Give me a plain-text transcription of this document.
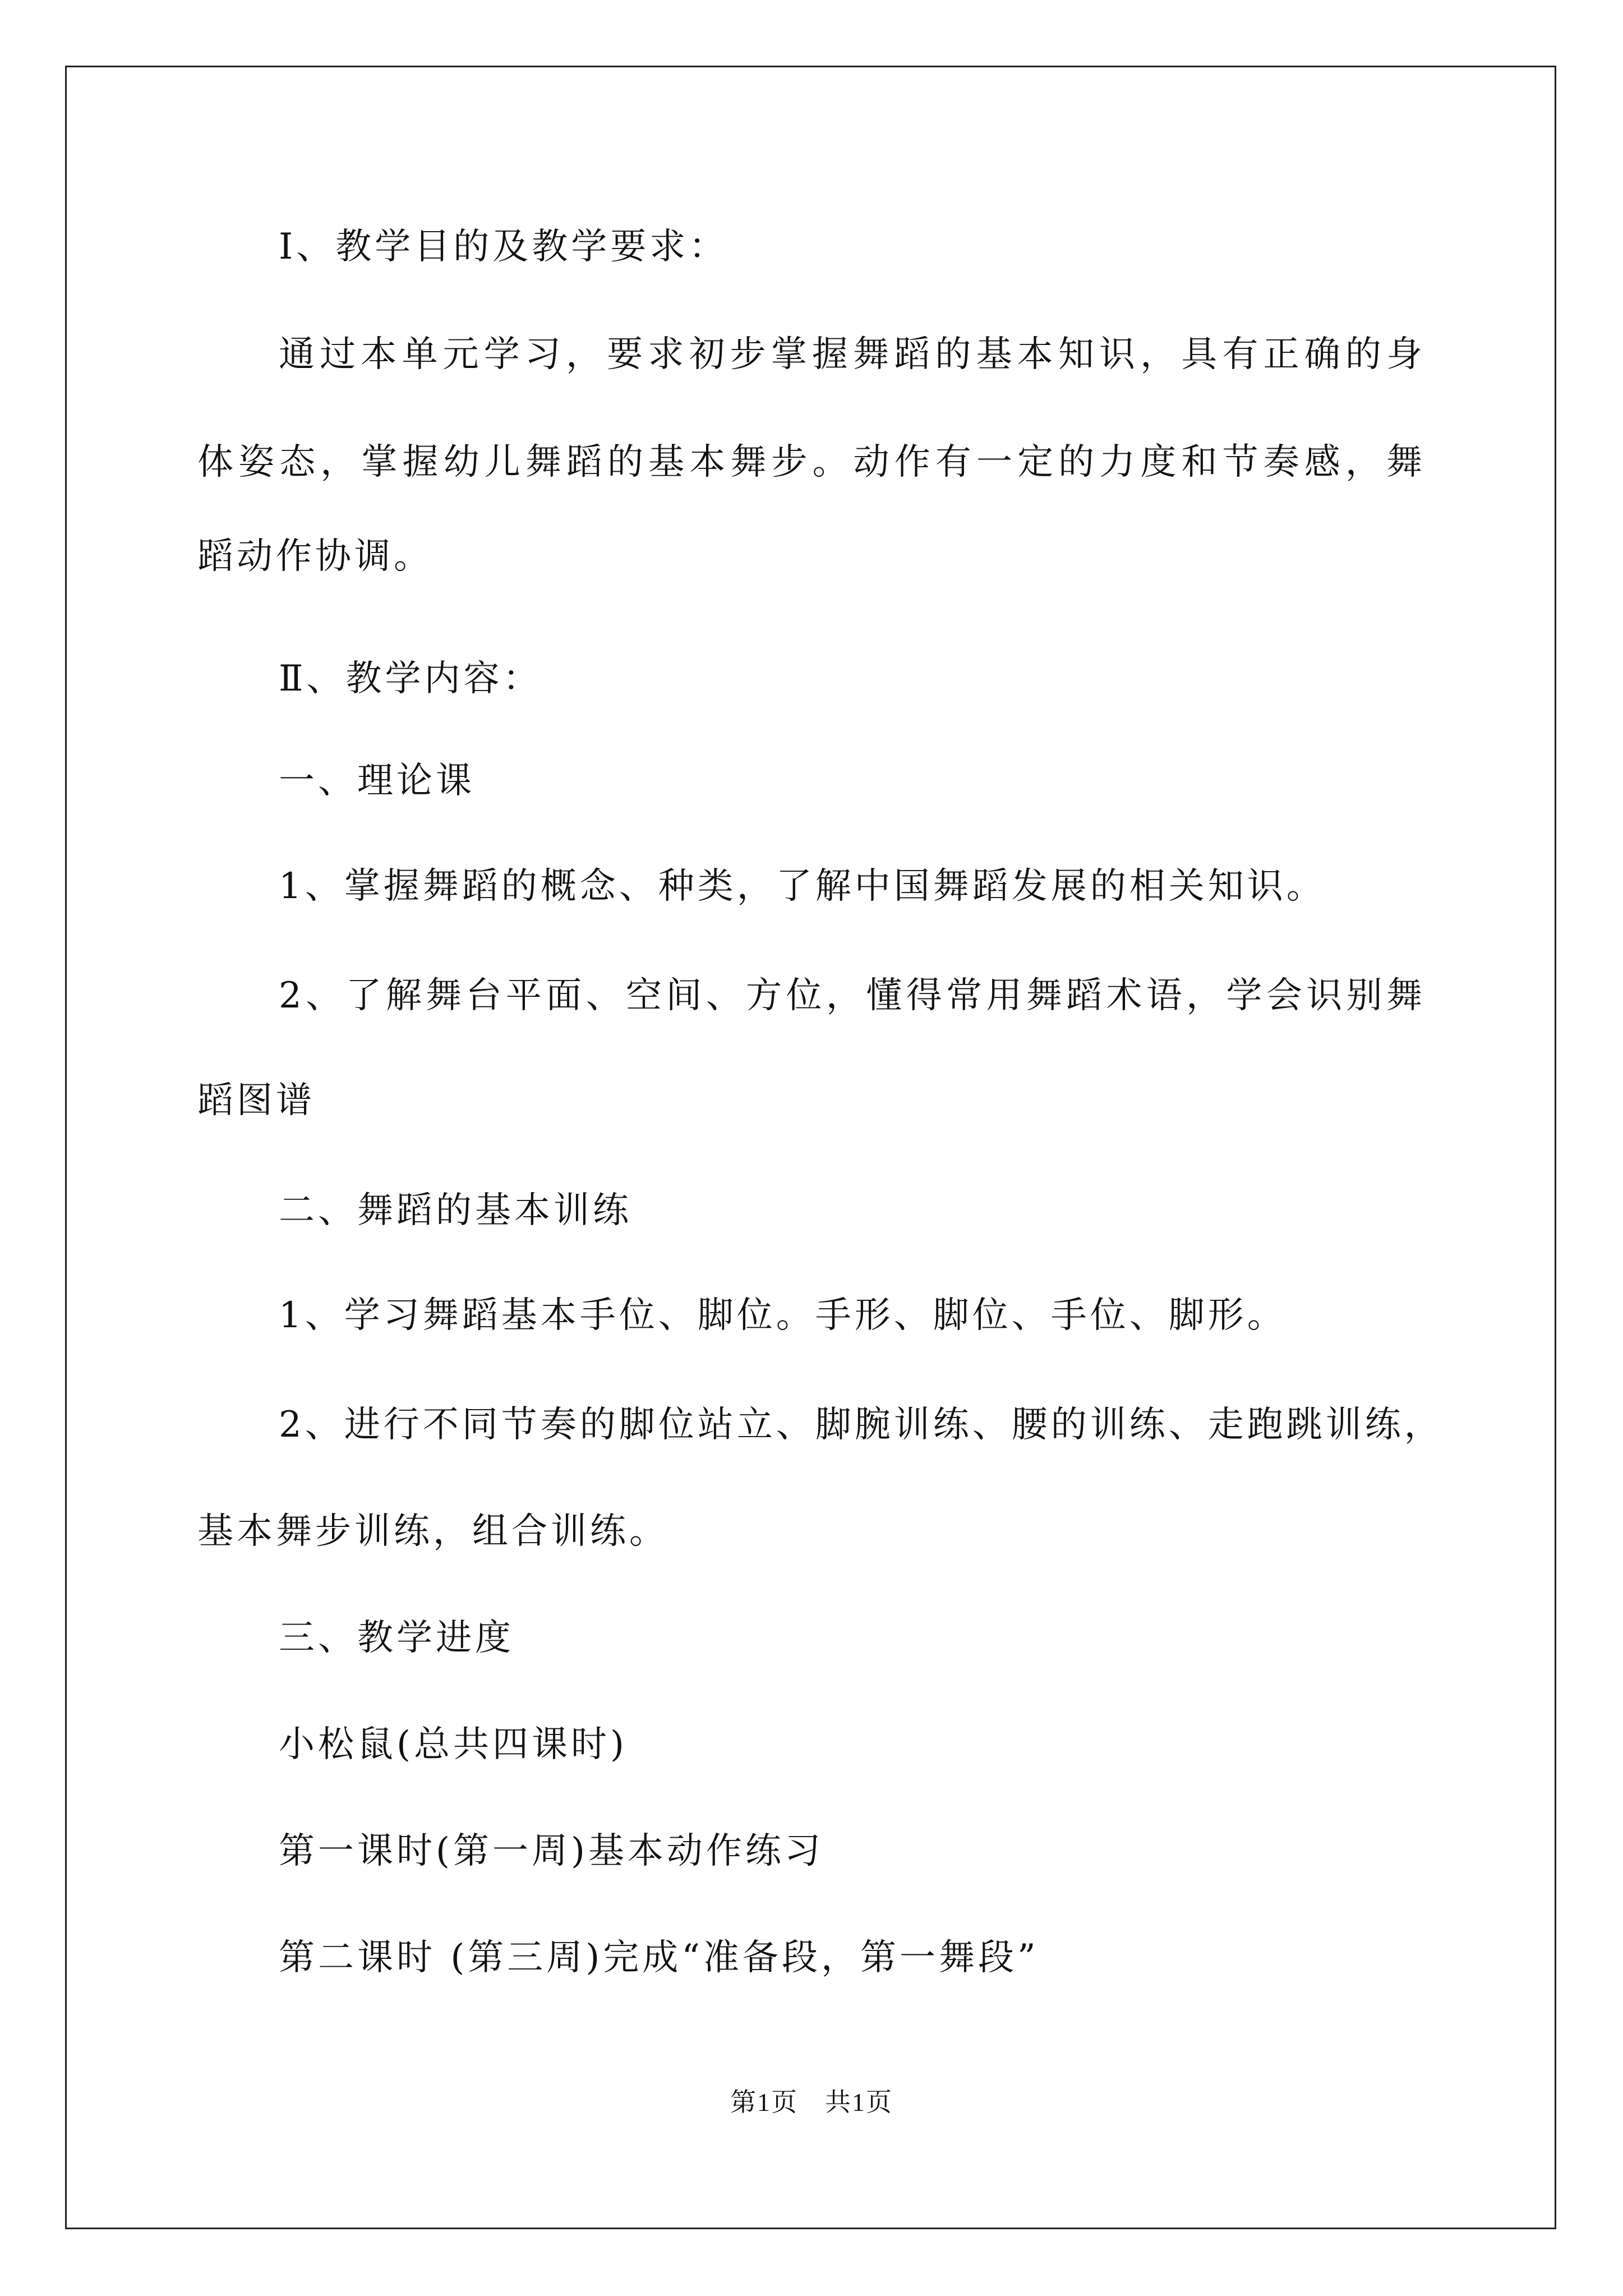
Ⅰ、教学目的及教学要求：
通过本单元学习，要求初步掌握舞蹈的基本知识，具有正确的身
体姿态，掌握幼儿舞蹈的基本舞步。动作有一定的力度和节奏感，舞
蹈动作协调。
Ⅱ、教学内容：
一、理论课
1、掌握舞蹈的概念、种类，了解中国舞蹈发展的相关知识。
2、了解舞台平面、空间、方位，懂得常用舞蹈术语，学会识别舞
蹈图谱
二、舞蹈的基本训练
1、学习舞蹈基本手位、脚位。手形、脚位、手位、脚形。
2、进行不同节奏的脚位站立、脚腕训练、腰的训练、走跑跳训练，
基本舞步训练，组合训练。
三、教学进度
小松鼠(总共四课时)
第一课时(第一周)基本动作练习
第二课时 (第三周)完成“准备段，第一舞段”
第1页 共1页
